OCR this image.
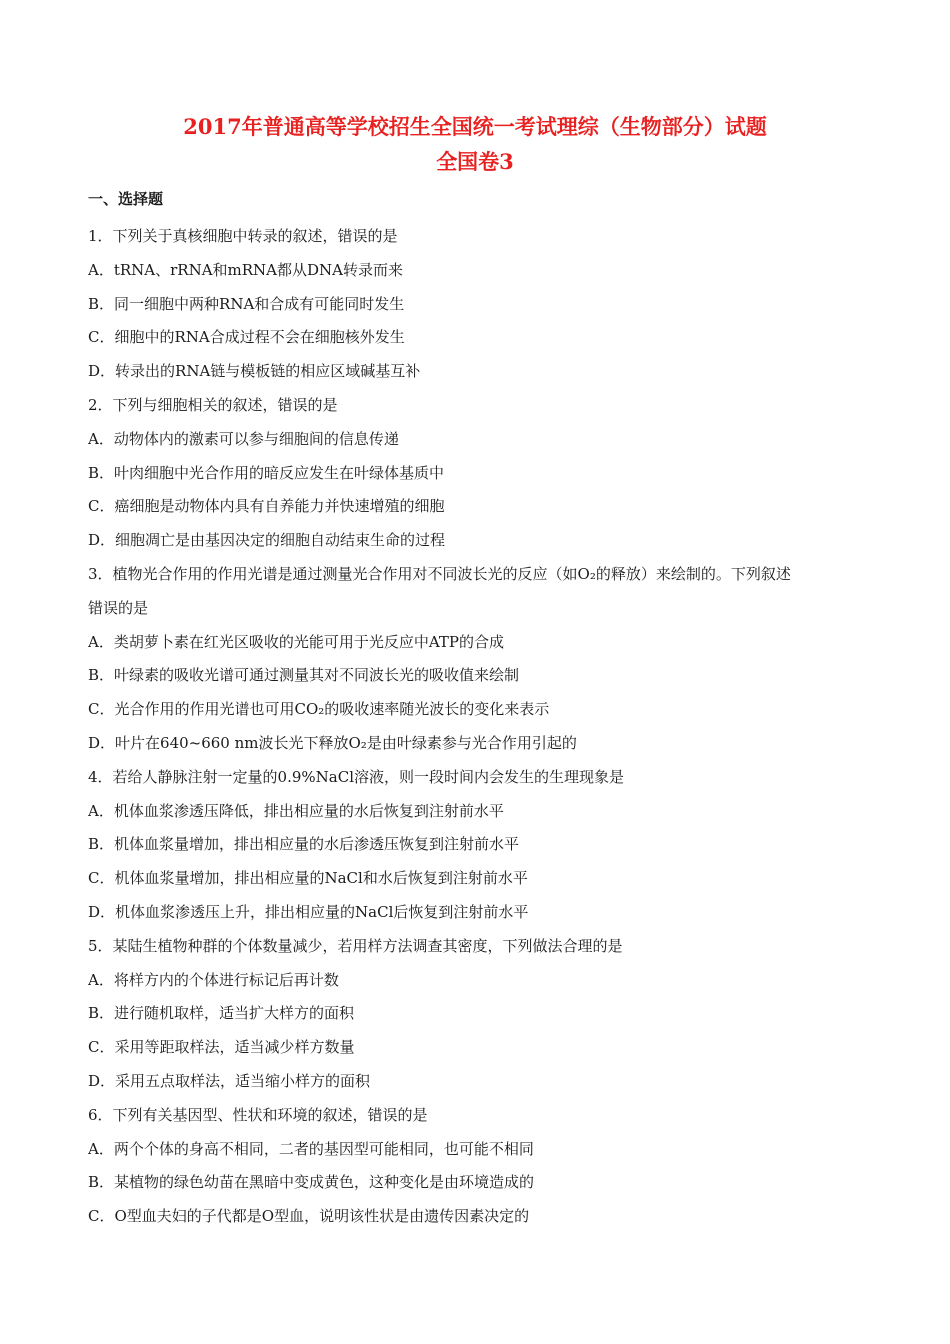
2017年普通高等学校招生全国统一考试理综（生物部分）试题
全国卷3
一、选择题
1．下列关于真核细胞中转录的叙述，错误的是
A．tRNA、rRNA和mRNA都从DNA转录而来
B．同一细胞中两种RNA和合成有可能同时发生
C．细胞中的RNA合成过程不会在细胞核外发生
D．转录出的RNA链与模板链的相应区域碱基互补
2．下列与细胞相关的叙述，错误的是
A．动物体内的激素可以参与细胞间的信息传递
B．叶肉细胞中光合作用的暗反应发生在叶绿体基质中
C．癌细胞是动物体内具有自养能力并快速增殖的细胞
D．细胞凋亡是由基因决定的细胞自动结束生命的过程
3．植物光合作用的作用光谱是通过测量光合作用对不同波长光的反应（如O₂的释放）来绘制的。下列叙述
错误的是
A．类胡萝卜素在红光区吸收的光能可用于光反应中ATP的合成
B．叶绿素的吸收光谱可通过测量其对不同波长光的吸收值来绘制
C．光合作用的作用光谱也可用CO₂的吸收速率随光波长的变化来表示
D．叶片在640~660 nm波长光下释放O₂是由叶绿素参与光合作用引起的
4．若给人静脉注射一定量的0.9%NaCl溶液，则一段时间内会发生的生理现象是
A．机体血浆渗透压降低，排出相应量的水后恢复到注射前水平
B．机体血浆量增加，排出相应量的水后渗透压恢复到注射前水平
C．机体血浆量增加，排出相应量的NaCl和水后恢复到注射前水平
D．机体血浆渗透压上升，排出相应量的NaCl后恢复到注射前水平
5．某陆生植物种群的个体数量减少，若用样方法调查其密度，下列做法合理的是
A．将样方内的个体进行标记后再计数
B．进行随机取样，适当扩大样方的面积
C．采用等距取样法，适当减少样方数量
D．采用五点取样法，适当缩小样方的面积
6．下列有关基因型、性状和环境的叙述，错误的是
A．两个个体的身高不相同，二者的基因型可能相同，也可能不相同
B．某植物的绿色幼苗在黑暗中变成黄色，这种变化是由环境造成的
C．O型血夫妇的子代都是O型血，说明该性状是由遗传因素决定的
